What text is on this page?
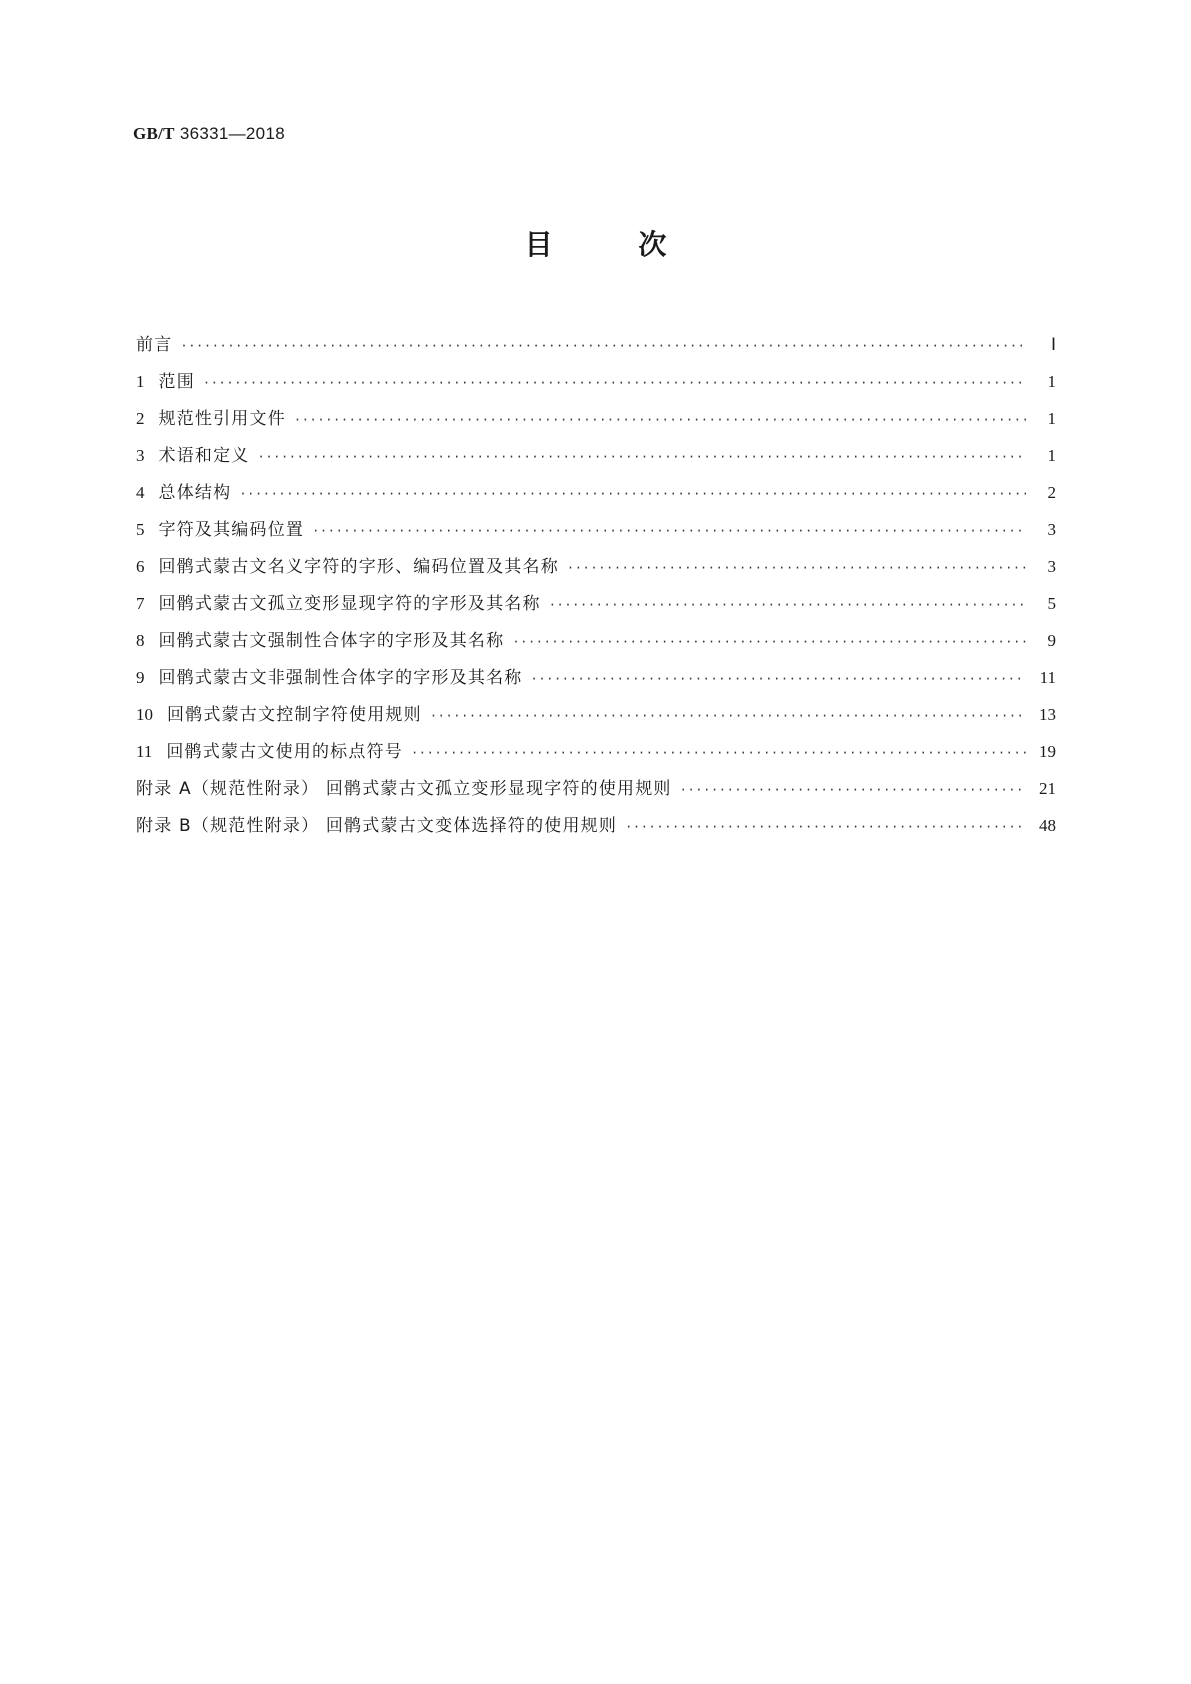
GB/T 36331—2018
目 次
前言 ·····	Ⅰ
1 范围 ·····	1
2 规范性引用文件 ·····	1
3 术语和定义 ·····	1
4 总体结构 ·····	2
5 字符及其编码位置 ·····	3
6 回鹘式蒙古文名义字符的字形、编码位置及其名称 ·····	3
7 回鹘式蒙古文孤立变形显现字符的字形及其名称 ·····	5
8 回鹘式蒙古文强制性合体字的字形及其名称 ·····	9
9 回鹘式蒙古文非强制性合体字的字形及其名称 ·····	11
10 回鹘式蒙古文控制字符使用规则 ·····	13
11 回鹘式蒙古文使用的标点符号 ·····	19
附录 A（规范性附录） 回鹘式蒙古文孤立变形显现字符的使用规则 ·····	21
附录 B（规范性附录） 回鹘式蒙古文变体选择符的使用规则 ·····	48
